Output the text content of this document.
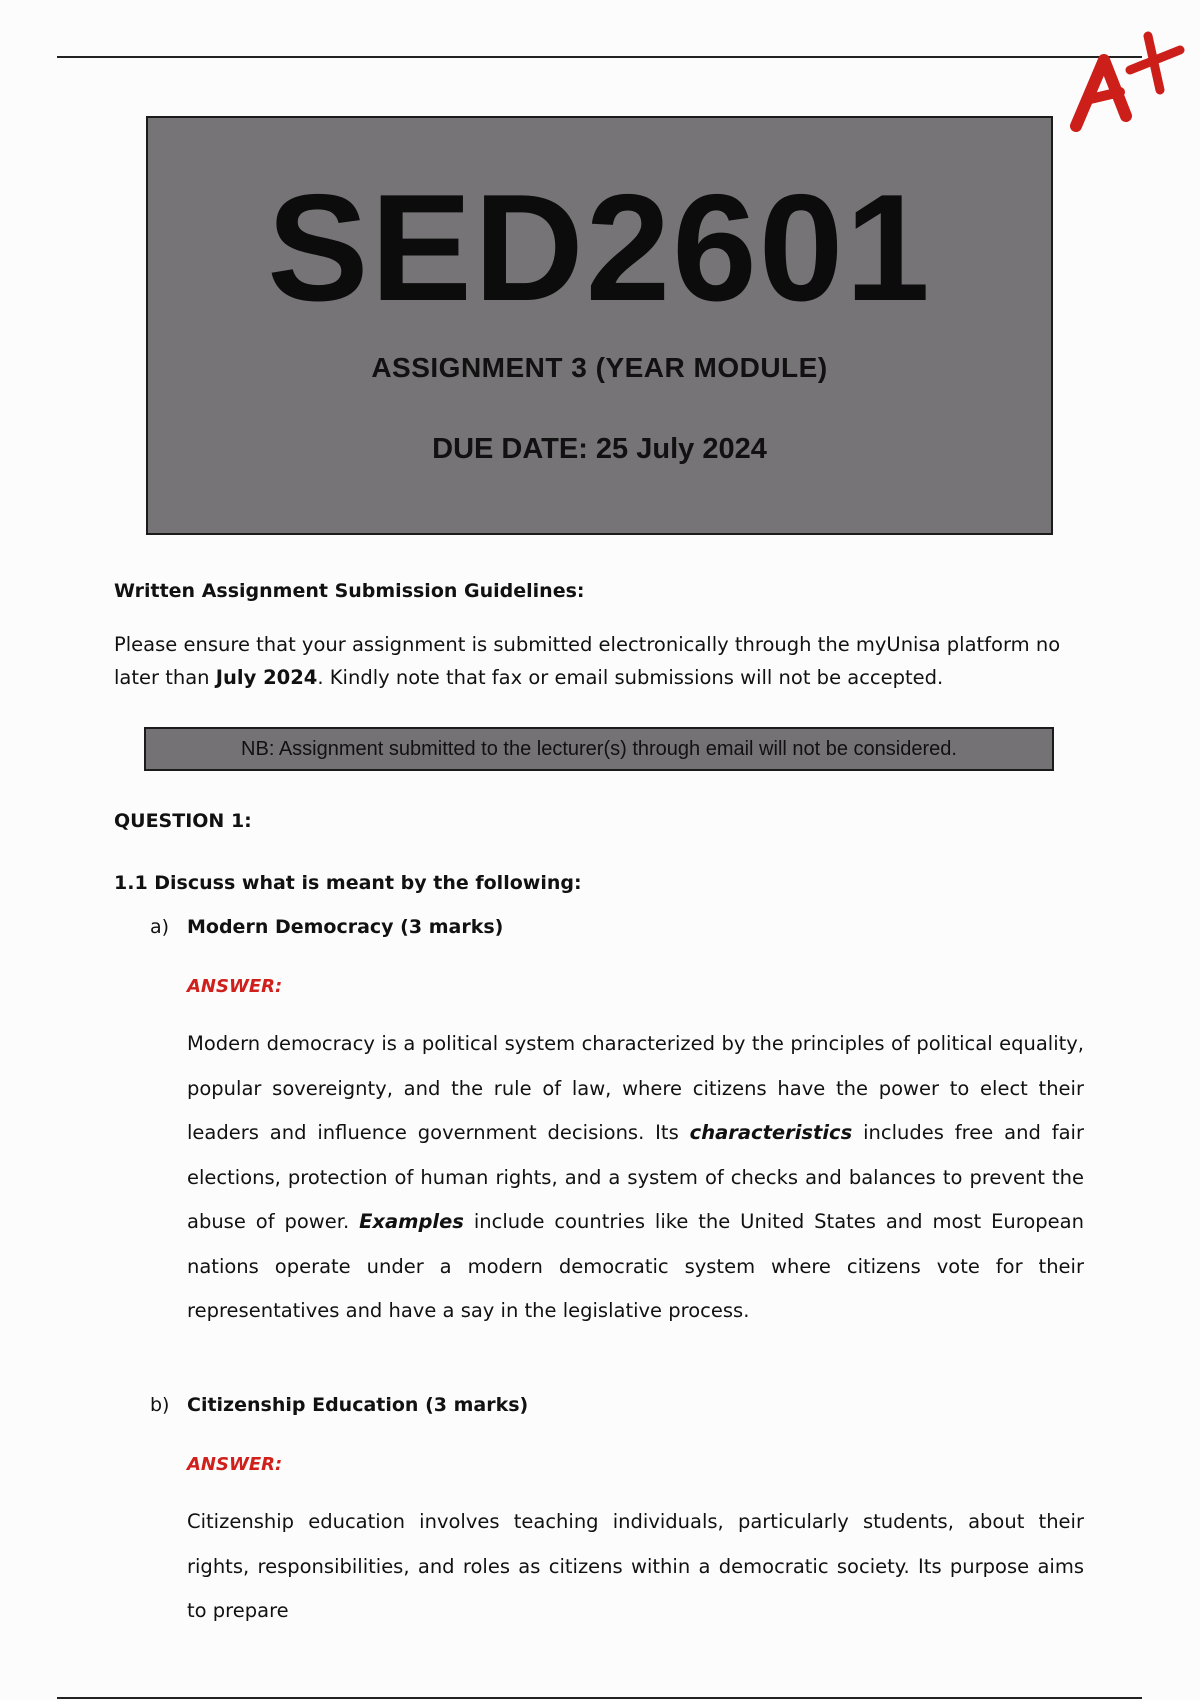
SED2601
ASSIGNMENT 3 (YEAR MODULE)
DUE DATE: 25 July 2024
Written Assignment Submission Guidelines:
Please ensure that your assignment is submitted electronically through the myUnisa platform no later than July 2024. Kindly note that fax or email submissions will not be accepted.
NB: Assignment submitted to the lecturer(s) through email will not be considered.
QUESTION 1:
1.1 Discuss what is meant by the following:
a) Modern Democracy (3 marks)
ANSWER:
Modern democracy is a political system characterized by the principles of political equality, popular sovereignty, and the rule of law, where citizens have the power to elect their leaders and influence government decisions. Its characteristics includes free and fair elections, protection of human rights, and a system of checks and balances to prevent the abuse of power. Examples include countries like the United States and most European nations operate under a modern democratic system where citizens vote for their representatives and have a say in the legislative process.
b) Citizenship Education (3 marks)
ANSWER:
Citizenship education involves teaching individuals, particularly students, about their rights, responsibilities, and roles as citizens within a democratic society. Its purpose aims to prepare
